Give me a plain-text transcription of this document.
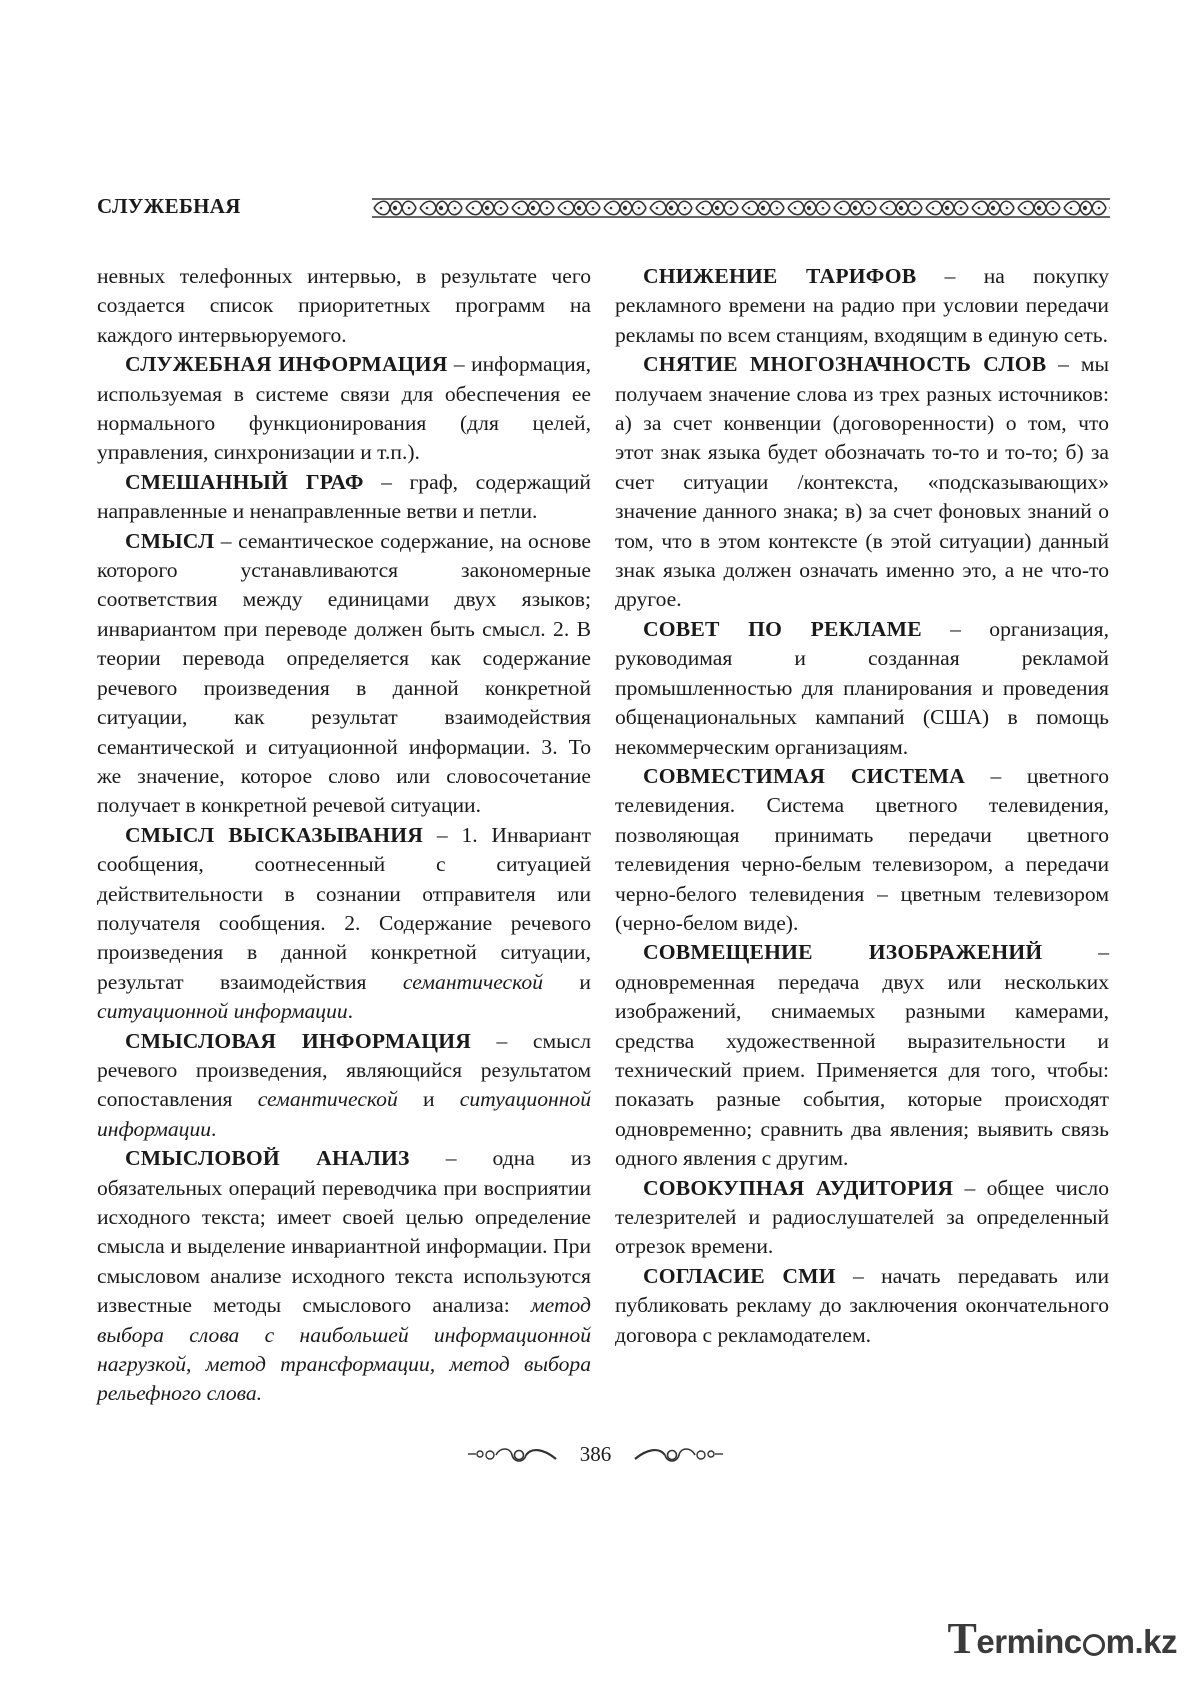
СЛУЖЕБНАЯ

невных телефонных интервью, в результате чего создается список приоритетных программ на каждого интервьюруемого.

СЛУЖЕБНАЯ ИНФОРМАЦИЯ – информация, используемая в системе связи для обеспечения ее нормального функционирования (для целей, управления, синхронизации и т.п.).

СМЕШАННЫЙ ГРАФ – граф, содержащий направленные и ненаправленные ветви и петли.

СМЫСЛ – семантическое содержание, на основе которого устанавливаются закономерные соответствия между единицами двух языков; инвариантом при переводе должен быть смысл. 2. В теории перевода определяется как содержание речевого произведения в данной конкретной ситуации, как результат взаимодействия семантической и ситуационной информации. 3. То же значение, которое слово или словосочетание получает в конкретной речевой ситуации.

СМЫСЛ ВЫСКАЗЫВАНИЯ – 1. Инвариант сообщения, соотнесенный с ситуацией действительности в сознании отправителя или получателя сообщения. 2. Содержание речевого произведения в данной конкретной ситуации, результат взаимодействия семантической и ситуационной информации.

СМЫСЛОВАЯ ИНФОРМАЦИЯ – смысл речевого произведения, являющийся результатом сопоставления семантической и ситуационной информации.

СМЫСЛОВОЙ АНАЛИЗ – одна из обязательных операций переводчика при восприятии исходного текста; имеет своей целью определение смысла и выделение инвариантной информации. При смысловом анализе исходного текста используются известные методы смыслового анализа: метод выбора слова с наибольшей информационной нагрузкой, метод трансформации, метод выбора рельефного слова.

СНИЖЕНИЕ ТАРИФОВ – на покупку рекламного времени на радио при условии передачи рекламы по всем станциям, входящим в единую сеть.

СНЯТИЕ МНОГОЗНАЧНОСТЬ СЛОВ – мы получаем значение слова из трех разных источников: а) за счет конвенции (договоренности) о том, что этот знак языка будет обозначать то-то и то-то; б) за счет ситуации /контекста, «подсказывающих» значение данного знака; в) за счет фоновых знаний о том, что в этом контексте (в этой ситуации) данный знак языка должен означать именно это, а не что-то другое.

СОВЕТ ПО РЕКЛАМЕ – организация, руководимая и созданная рекламой промышленностью для планирования и проведения общенациональных кампаний (США) в помощь некоммерческим организациям.

СОВМЕСТИМАЯ СИСТЕМА – цветного телевидения. Система цветного телевидения, позволяющая принимать передачи цветного телевидения черно-белым телевизором, а передачи черно-белого телевидения – цветным телевизором (черно-белом виде).

СОВМЕЩЕНИЕ ИЗОБРАЖЕНИЙ – одновременная передача двух или нескольких изображений, снимаемых разными камерами, средства художественной выразительности и технический прием. Применяется для того, чтобы: показать разные события, которые происходят одновременно; сравнить два явления; выявить связь одного явления с другим.

СОВОКУПНАЯ АУДИТОРИЯ – общее число телезрителей и радиослушателей за определенный отрезок времени.

СОГЛАСИЕ СМИ – начать передавать или публиковать рекламу до заключения окончательного договора с рекламодателем.

386
Terminc m.kz
